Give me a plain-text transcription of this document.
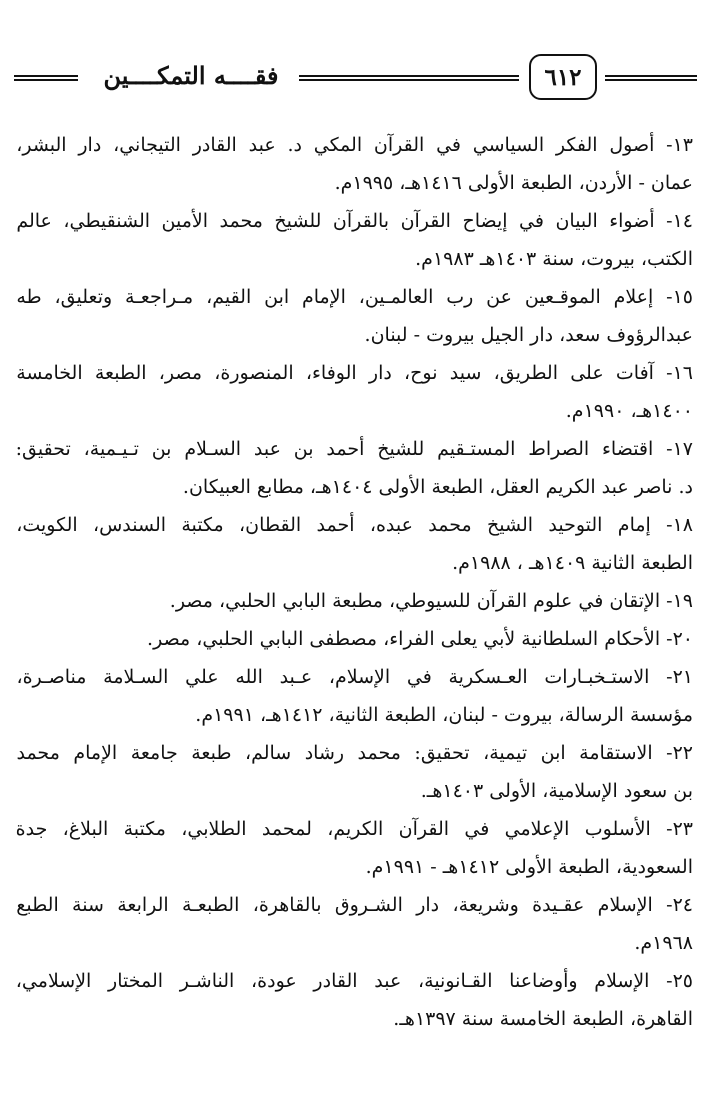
٦١٢
فقــــه التمكــــين
١٣- أصول الفكر السياسي في القرآن المكي د. عبد القادر التيجاني، دار البشر،
عمان - الأردن، الطبعة الأولى ١٤١٦هـ، ١٩٩٥م.
١٤- أضواء البيان في إيضاح القرآن بالقرآن للشيخ محمد الأمين الشنقيطي، عالم
الكتب، بيروت، سنة ١٤٠٣هـ ١٩٨٣م.
١٥- إعلام الموقـعين عن رب العالمـين، الإمام ابن القيم، مـراجعـة وتعليق، طه
عبدالرؤوف سعد، دار الجيل بيروت - لبنان.
١٦- آفات على الطريق، سيد نوح، دار الوفاء، المنصورة، مصر، الطبعة الخامسة
١٤٠٠هـ، ١٩٩٠م.
١٧- اقتضاء الصراط المستـقيم للشيخ أحمد بن عبد السـلام بن تـيـمية، تحقيق:
د. ناصر عبد الكريم العقل، الطبعة الأولى ١٤٠٤هـ، مطابع العبيكان.
١٨- إمام التوحيد الشيخ محمد عبده، أحمد القطان، مكتبة السندس، الكويت،
الطبعة الثانية ١٤٠٩هـ ، ١٩٨٨م.
١٩- الإتقان في علوم القرآن للسيوطي، مطبعة البابي الحلبي، مصر.
٢٠- الأحكام السلطانية لأبي يعلى الفراء، مصطفى البابي الحلبي، مصر.
٢١- الاستـخبـارات العـسكرية في الإسلام، عـبد الله علي السـلامة مناصـرة،
مؤسسة الرسالة، بيروت - لبنان، الطبعة الثانية، ١٤١٢هـ، ١٩٩١م.
٢٢- الاستقامة ابن تيمية، تحقيق: محمد رشاد سالم، طبعة جامعة الإمام محمد
بن سعود الإسلامية، الأولى ١٤٠٣هـ.
٢٣- الأسلوب الإعلامي في القرآن الكريم، لمحمد الطلابي، مكتبة البلاغ، جدة
السعودية، الطبعة الأولى ١٤١٢هـ - ١٩٩١م.
٢٤- الإسلام عقـيدة وشريعة، دار الشـروق بالقاهرة، الطبعـة الرابعة سنة الطبع
١٩٦٨م.
٢٥- الإسلام وأوضاعنا القـانونية، عبد القادر عودة، الناشـر المختار الإسلامي،
القاهرة، الطبعة الخامسة سنة ١٣٩٧هـ.
